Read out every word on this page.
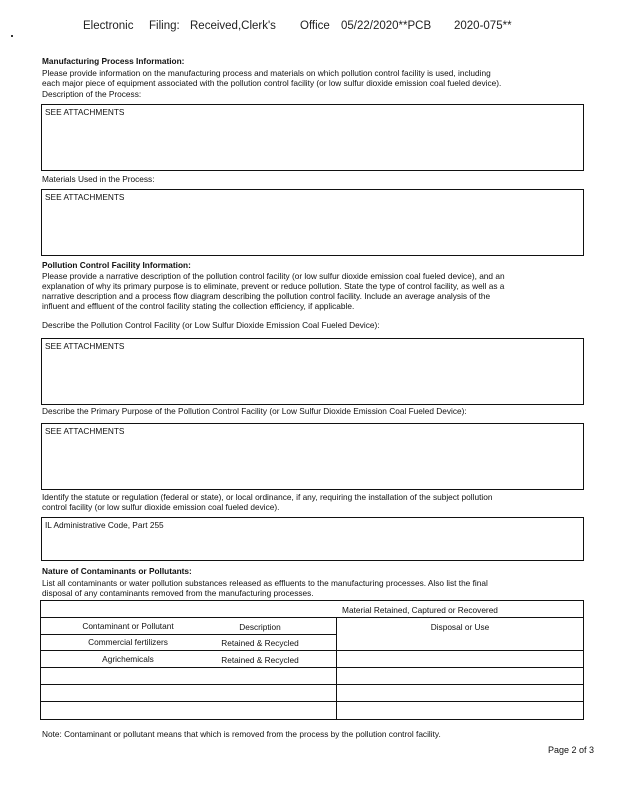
Electronic Filing: Received,Clerk's Office 05/22/2020**PCB 2020-075**
Manufacturing Process Information:
Please provide information on the manufacturing process and materials on which pollution control facility is used, including
each major piece of equipment associated with the pollution control facility (or low sulfur dioxide emission coal fueled device).
Description of the Process:
SEE ATTACHMENTS
Materials Used in the Process:
SEE ATTACHMENTS
Pollution Control Facility Information:
Please provide a narrative description of the pollution control facility (or low sulfur dioxide emission coal fueled device), and an
explanation of why its primary purpose is to eliminate, prevent or reduce pollution. State the type of control facility, as well as a
narrative description and a process flow diagram describing the pollution control facility. Include an average analysis of the
influent and effluent of the control facility stating the collection efficiency, if applicable.
Describe the Pollution Control Facility (or Low Sulfur Dioxide Emission Coal Fueled Device):
SEE ATTACHMENTS
Describe the Primary Purpose of the Pollution Control Facility (or Low Sulfur Dioxide Emission Coal Fueled Device):
SEE ATTACHMENTS
Identify the statute or regulation (federal or state), or local ordinance, if any, requiring the installation of the subject pollution
control facility (or low sulfur dioxide emission coal fueled device).
IL Administrative Code, Part 255
Nature of Contaminants or Pollutants:
List all contaminants or water pollution substances released as effluents to the manufacturing processes. Also list the final
disposal of any contaminants removed from the manufacturing processes.
Material Retained, Captured or Recovered
Contaminant or Pollutant	Description	Disposal or Use
Commercial fertilizers	Retained & Recycled
Agrichemicals	Retained & Recycled
Note: Contaminant or pollutant means that which is removed from the process by the pollution control facility.
Page 2 of 3
